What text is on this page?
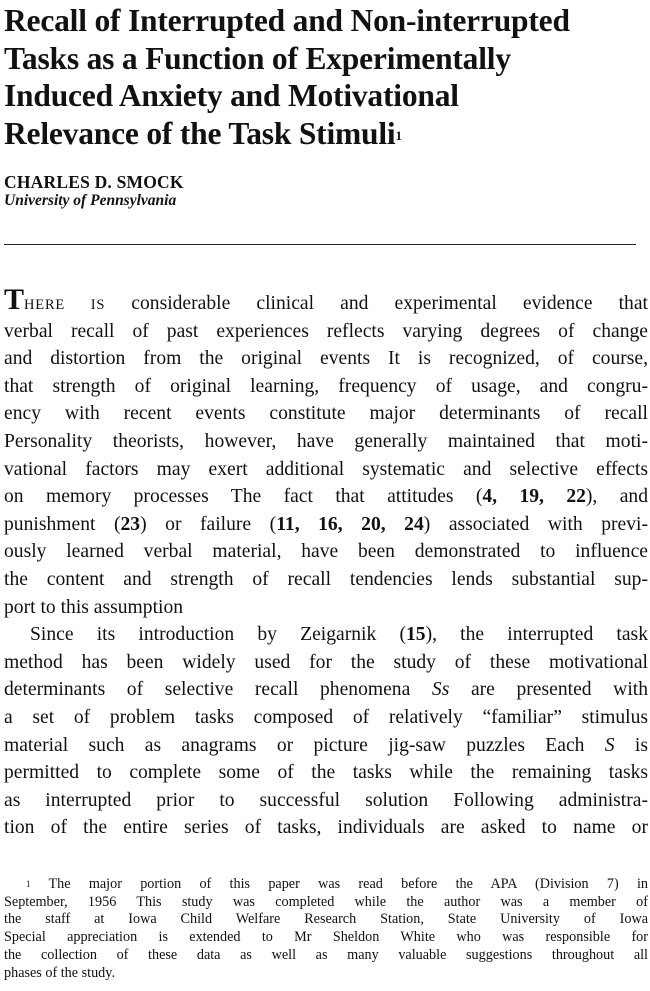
Recall of Interrupted and Non-interrupted
Tasks as a Function of Experimentally
Induced Anxiety and Motivational
Relevance of the Task Stimuli$^1$
CHARLES D. SMOCK
University of Pennsylvania
THERE IS considerable clinical and experimental evidence that
verbal recall of past experiences reflects varying degrees of change
and distortion from the original events It is recognized, of course,
that strength of original learning, frequency of usage, and congru-
ency with recent events constitute major determinants of recall
Personality theorists, however, have generally maintained that moti-
vational factors may exert additional systematic and selective effects
on memory processes The fact that attitudes (4, 19, 22), and
punishment (23) or failure (11, 16, 20, 24) associated with previ-
ously learned verbal material, have been demonstrated to influence
the content and strength of recall tendencies lends substantial sup-
port to this assumption
Since its introduction by Zeigarnik (15), the interrupted task
method has been widely used for the study of these motivational
determinants of selective recall phenomena Ss are presented with
a set of problem tasks composed of relatively “familiar” stimulus
material such as anagrams or picture jig-saw puzzles Each S is
permitted to complete some of the tasks while the remaining tasks
as interrupted prior to successful solution Following administra-
tion of the entire series of tasks, individuals are asked to name or
$^1$ The major portion of this paper was read before the APA (Division 7) in
September, 1956 This study was completed while the author was a member of
the staff at Iowa Child Welfare Research Station, State University of Iowa
Special appreciation is extended to Mr Sheldon White who was responsible for
the collection of these data as well as many valuable suggestions throughout all
phases of the study.
